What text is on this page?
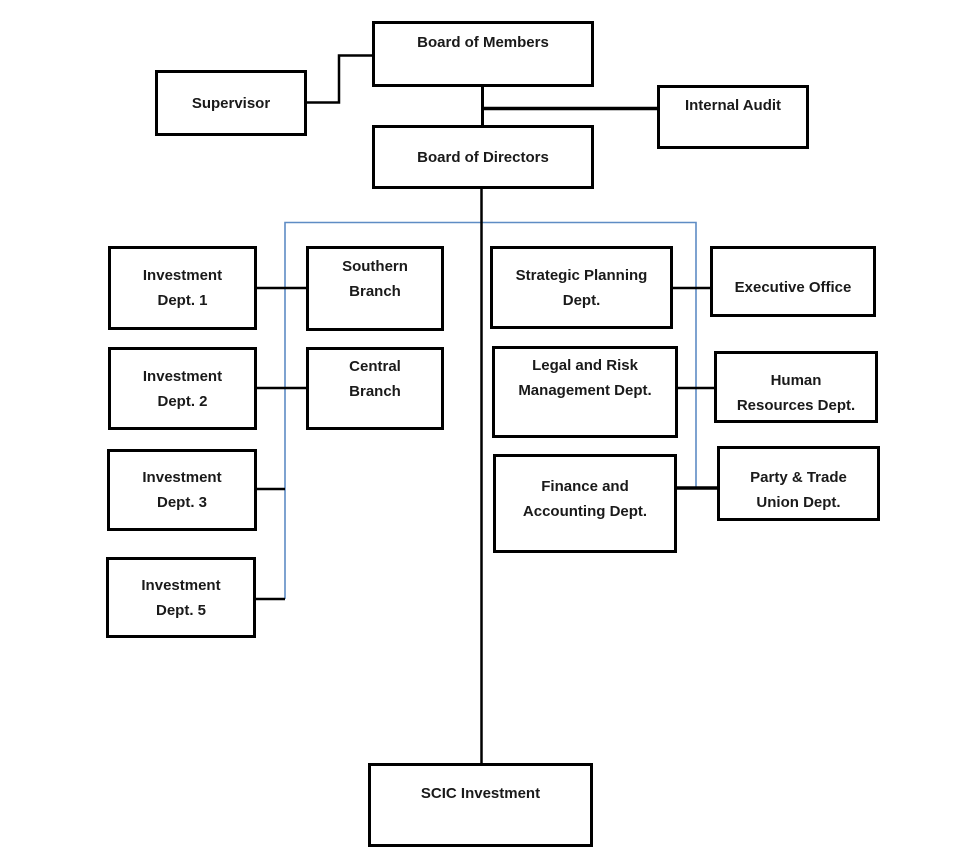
Board of Members
Supervisor	Internal Audit
Board of Directors
Investment
Dept. 1
Investment
Dept. 2
Investment
Dept. 3
Investment
Dept. 5
Southern
Branch
Central
Branch
Strategic Planning
Dept.
Legal and Risk
Management Dept.
Finance and
Accounting Dept.
Executive Office
Human
Resources Dept.
Party & Trade
Union Dept.
SCIC Investment
